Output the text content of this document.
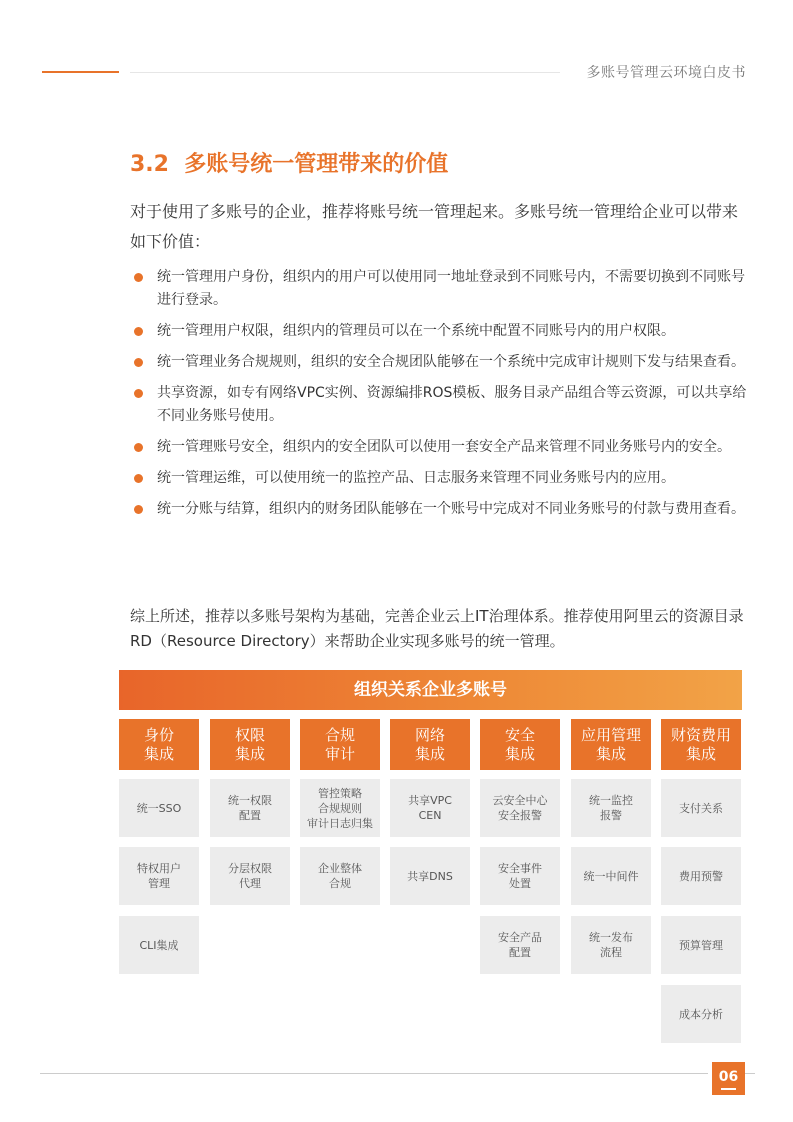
多账号管理云环境白皮书
3.2  多账号统一管理带来的价值

对于使用了多账号的企业，推荐将账号统一管理起来。多账号统一管理给企业可以带来如下价值：

统一管理用户身份，组织内的用户可以使用同一地址登录到不同账号内，不需要切换到不同账号进行登录。
统一管理用户权限，组织内的管理员可以在一个系统中配置不同账号内的用户权限。
统一管理业务合规规则，组织的安全合规团队能够在一个系统中完成审计规则下发与结果查看。
共享资源，如专有网络VPC实例、资源编排ROS模板、服务目录产品组合等云资源，可以共享给不同业务账号使用。
统一管理账号安全，组织内的安全团队可以使用一套安全产品来管理不同业务账号内的安全。
统一管理运维，可以使用统一的监控产品、日志服务来管理不同业务账号内的应用。
统一分账与结算，组织内的财务团队能够在一个账号中完成对不同业务账号的付款与费用查看。

综上所述，推荐以多账号架构为基础，完善企业云上IT治理体系。推荐使用阿里云的资源目录RD（Resource Directory）来帮助企业实现多账号的统一管理。

组织关系企业多账号
身份
集成
权限
集成
合规
审计
网络
集成
安全
集成
应用管理
集成
财资费用
集成
统一SSO
特权用户
管理
CLI集成
统一权限
配置
分层权限
代理
管控策略
合规规则
审计日志归集
企业整体
合规
共享VPC
CEN
共享DNS
云安全中心
安全报警
安全事件
处置
安全产品
配置
统一监控
报警
统一中间件
统一发布
流程
支付关系
费用预警
预算管理
成本分析
06
